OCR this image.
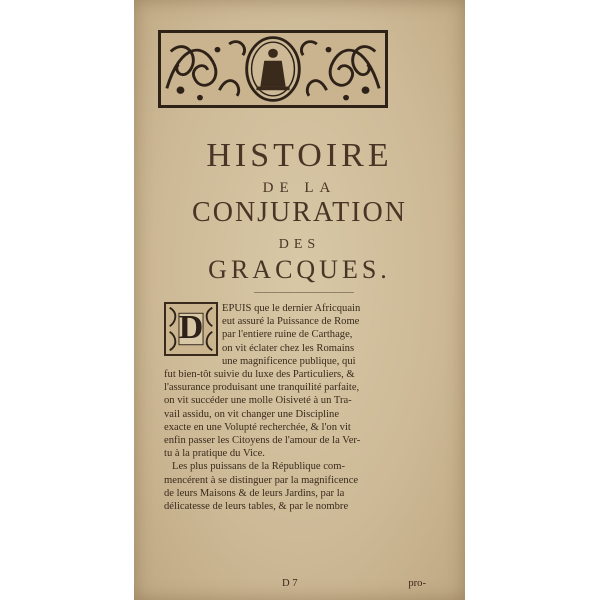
HISTOIRE
DE LA
CONJURATION
DES
GRACQUES.
D
EPUIS que le dernier Africquain
eut assuré la Puissance de Rome
par l'entiere ruine de Carthage,
on vit éclater chez les Romains
une magnificence publique, qui
fut bien-tôt suivie du luxe des Particuliers, &
l'assurance produisant une tranquilité parfaite,
on vit succéder une molle Oisiveté à un Tra-
vail assidu, on vit changer une Discipline
exacte en une Volupté recherchée, & l'on vit
enfin passer les Citoyens de l'amour de la Ver-
tu à la pratique du Vice.
Les plus puissans de la République com-
mencérent à se distinguer par la magnificence
de leurs Maisons & de leurs Jardins, par la
délicatesse de leurs tables, & par le nombre
D 7	pro-
